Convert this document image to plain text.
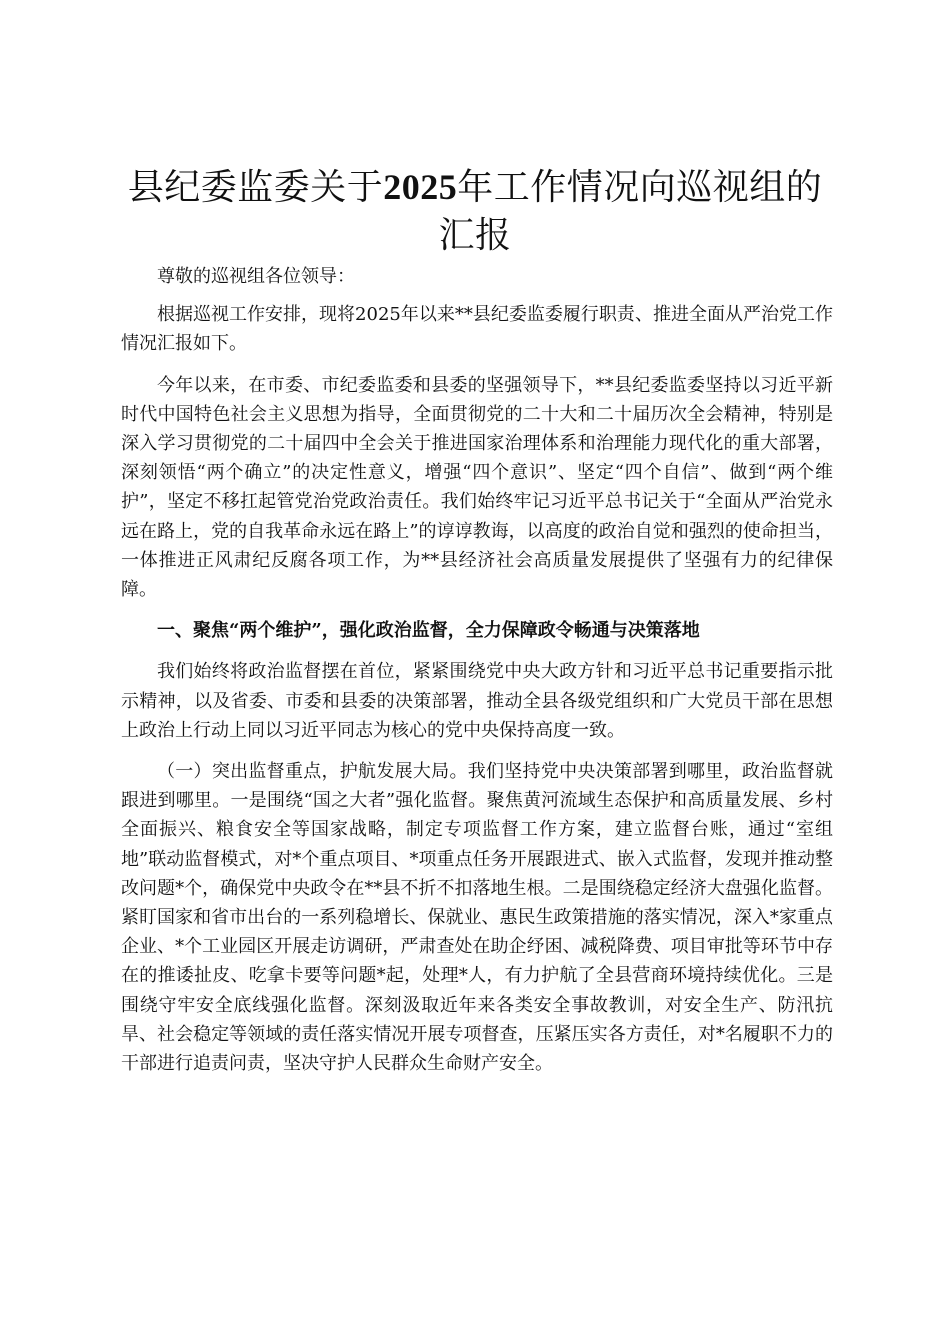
县纪委监委关于2025年工作情况向巡视组的
汇报

尊敬的巡视组各位领导：

根据巡视工作安排，现将2025年以来**县纪委监委履行职责、推进全面从严治党工作情况汇报如下。

今年以来，在市委、市纪委监委和县委的坚强领导下，**县纪委监委坚持以习近平新时代中国特色社会主义思想为指导，全面贯彻党的二十大和二十届历次全会精神，特别是深入学习贯彻党的二十届四中全会关于推进国家治理体系和治理能力现代化的重大部署，深刻领悟“两个确立”的决定性意义，增强“四个意识”、坚定“四个自信”、做到“两个维护”，坚定不移扛起管党治党政治责任。我们始终牢记习近平总书记关于“全面从严治党永远在路上，党的自我革命永远在路上”的谆谆教诲，以高度的政治自觉和强烈的使命担当，一体推进正风肃纪反腐各项工作，为**县经济社会高质量发展提供了坚强有力的纪律保障。

一、聚焦“两个维护”，强化政治监督，全力保障政令畅通与决策落地

我们始终将政治监督摆在首位，紧紧围绕党中央大政方针和习近平总书记重要指示批示精神，以及省委、市委和县委的决策部署，推动全县各级党组织和广大党员干部在思想上政治上行动上同以习近平同志为核心的党中央保持高度一致。

（一）突出监督重点，护航发展大局。我们坚持党中央决策部署到哪里，政治监督就跟进到哪里。一是围绕“国之大者”强化监督。聚焦黄河流域生态保护和高质量发展、乡村全面振兴、粮食安全等国家战略，制定专项监督工作方案，建立监督台账，通过“室组地”联动监督模式，对*个重点项目、*项重点任务开展跟进式、嵌入式监督，发现并推动整改问题*个，确保党中央政令在**县不折不扣落地生根。二是围绕稳定经济大盘强化监督。紧盯国家和省市出台的一系列稳增长、保就业、惠民生政策措施的落实情况，深入*家重点企业、*个工业园区开展走访调研，严肃查处在助企纾困、减税降费、项目审批等环节中存在的推诿扯皮、吃拿卡要等问题*起，处理*人，有力护航了全县营商环境持续优化。三是围绕守牢安全底线强化监督。深刻汲取近年来各类安全事故教训，对安全生产、防汛抗旱、社会稳定等领域的责任落实情况开展专项督查，压紧压实各方责任，对*名履职不力的干部进行追责问责，坚决守护人民群众生命财产安全。
